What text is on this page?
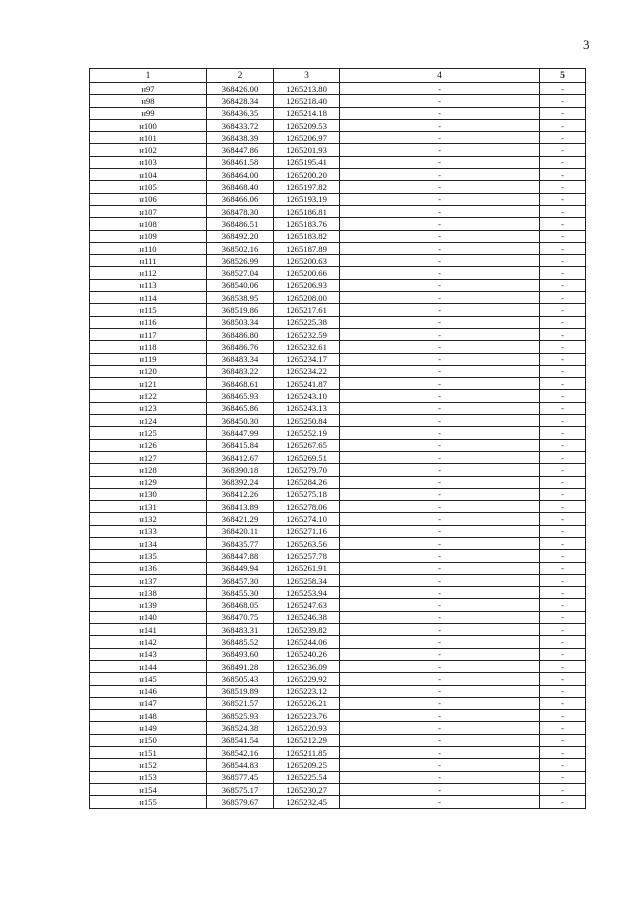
3
1	2	3	4	5
н97	368426.00	1265213.80	-	-
н98	368428.34	1265218.40	-	-
н99	368436.35	1265214.18	-	-
н100	368433.72	1265209.53	-	-
н101	368438.39	1265206.97	-	-
н102	368447.86	1265201.93	-	-
н103	368461.58	1265195.41	-	-
н104	368464.00	1265200.20	-	-
н105	368468.40	1265197.82	-	-
н106	368466.06	1265193.19	-	-
н107	368478.30	1265186.81	-	-
н108	368486.51	1265183.76	-	-
н109	368492.20	1265183.82	-	-
н110	368502.16	1265187.89	-	-
н111	368526.99	1265200.63	-	-
н112	368527.04	1265200.66	-	-
н113	368540.06	1265206.93	-	-
н114	368538.95	1265208.00	-	-
н115	368519.86	1265217.61	-	-
н116	368503.34	1265225.38	-	-
н117	368486.80	1265232.59	-	-
н118	368486.76	1265232.61	-	-
н119	368483.34	1265234.17	-	-
н120	368483.22	1265234.22	-	-
н121	368468.61	1265241.87	-	-
н122	368465.93	1265243.10	-	-
н123	368465.86	1265243.13	-	-
н124	368450.30	1265250.84	-	-
н125	368447.99	1265252.19	-	-
н126	368415.84	1265267.65	-	-
н127	368412.67	1265269.51	-	-
н128	368390.18	1265279.70	-	-
н129	368392.24	1265284.26	-	-
н130	368412.26	1265275.18	-	-
н131	368413.89	1265278.06	-	-
н132	368421.29	1265274.10	-	-
н133	368420.11	1265271.16	-	-
н134	368435.77	1265263.56	-	-
н135	368447.88	1265257.78	-	-
н136	368449.94	1265261.91	-	-
н137	368457.30	1265258.34	-	-
н138	368455.30	1265253.94	-	-
н139	368468.05	1265247.63	-	-
н140	368470.75	1265246.38	-	-
н141	368483.31	1265239.82	-	-
н142	368485.52	1265244.06	-	-
н143	368493.60	1265240.26	-	-
н144	368491.28	1265236.09	-	-
н145	368505.43	1265229.92	-	-
н146	368519.89	1265223.12	-	-
н147	368521.57	1265226.21	-	-
н148	368525.93	1265223.76	-	-
н149	368524.38	1265220.93	-	-
н150	368541.54	1265212.29	-	-
н151	368542.16	1265211.85	-	-
н152	368544.83	1265209.25	-	-
н153	368577.45	1265225.54	-	-
н154	368575.17	1265230.27	-	-
н155	368579.67	1265232.45	-	-
